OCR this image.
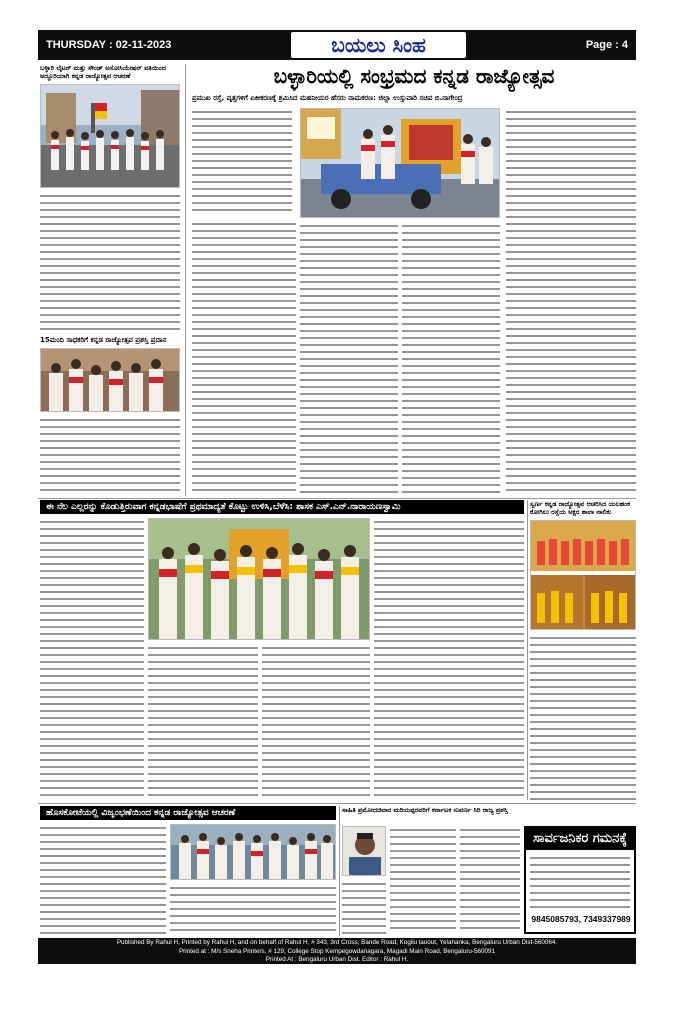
THURSDAY : 02-11-2023	ಬಯಲು ಸಿಂಹ	Page : 4
ಬಳ್ಳಾರಿ ಲೈಟರ್ ಮತ್ತು ಸೌಂಡ್ ಅಸೋಸಿಯೇಷನ್ ವತಿಯಿಂದ ಅದ್ದೂರಿಯಾಗಿ ಕನ್ನಡ ರಾಜ್ಯೋತ್ಸವ ಆಚರಣೆ
15ಮಂದಿ ಸಾಧಕರಿಗೆ ಕನ್ನಡ ರಾಜ್ಯೋತ್ಸವ ಪ್ರಶಸ್ತಿ ಪ್ರದಾನ
ಬಳ್ಳಾರಿಯಲ್ಲಿ ಸಂಭ್ರಮದ ಕನ್ನಡ ರಾಜ್ಯೋತ್ಸವ
ಪ್ರಮುಖ ರಸ್ತೆ, ವೃತ್ತಗಳಿಗೆ ಏಕೀಕರಣಕ್ಕೆ ಶ್ರಮಿಸಿದ ಮಹನೀಯರ ಹೆಸರು ನಾಮಕರಣ: ಜಿಲ್ಲಾ ಉಸ್ತುವಾರಿ ಸಚಿವ ಬಿ.ನಾಗೇಂದ್ರ
ಈ ನೆಲ ಎಲ್ಲರನ್ನು ಕೊಡುತ್ತಿರುವಾಗ ಕನ್ನಡಭಾಷೆಗೆ ಪ್ರಥಮಾದ್ಯತೆ ಕೊಟ್ಟು ಉಳಿಸಿ,ಬೆಳೆಸಿ: ಶಾಸಕ ಎಸ್.ಎನ್.ನಾರಾಯಣಸ್ವಾಮಿ	ಸ್ವರ್ಣ ಕನ್ನಡ ರಾಜ್ಯೋತ್ಸವ ಆಚರಿಸಿದ ಯಲಹಂಕ ಕೋಗಿಲು ರಸ್ತೆಯ ಅಕ್ಷರ ಶಾಲಾ ನಾಲಿಕು
ಹೊಸಕೋಟೆಯಲ್ಲಿ ವಿಜೃಂಭಣೆಯಿಂದ ಕನ್ನಡ ರಾಜ್ಯೋತ್ಸವ ಆಚರಣೆ	ಸಾಹಿತಿ ಪ್ರಮೋದಚಿವಾರ ಮರಿಯಪ್ಪರವರಿಗೆ ಕರ್ನಾಟಕ ಸುವರ್ಣ ಸಿರಿ ರಾಜ್ಯ ಪ್ರಶಸ್ತಿ
ಸಾರ್ವಜನಿಕರ ಗಮನಕ್ಕೆ
9845085793, 7349337989
Published By Rahul H, Printed by Rahul H, and on behalf of Rahul H, # 343, 3rd Cross, Bande Road, Kogilu lauout, Yelahanka, Bengaluru Urban Dist-560064.
Printed at : M/s Sneha Printers, # 129, College Stop Kempegowdanagara, Magadi Main Road, Bengaluru-560091
Printed At : Bengaluru Urban Dist. Editor : Rahul H.
